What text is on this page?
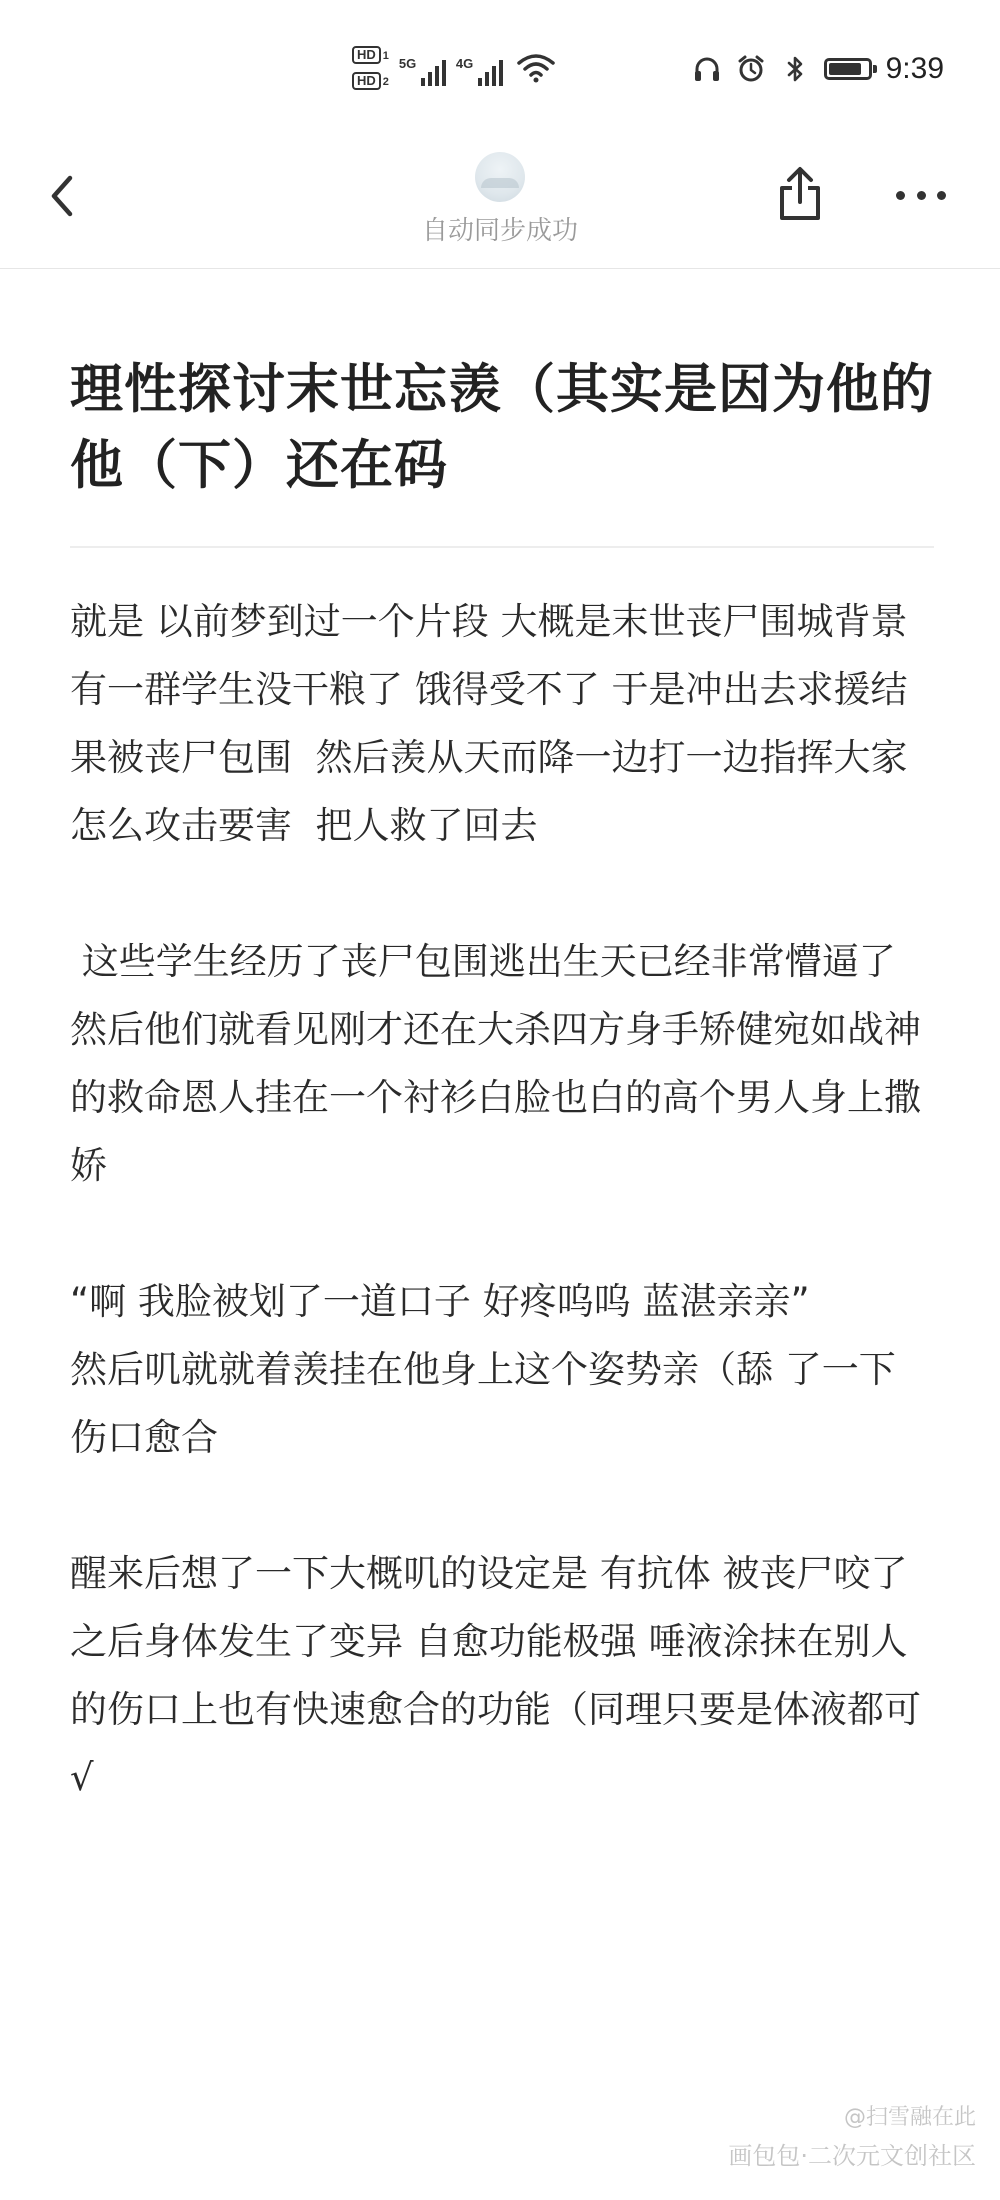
HD 1
HD 2
5G	4G	9:39
自动同步成功
理性探讨末世忘羡（其实是因为他的他（下）还在码

就是 以前梦到过一个片段 大概是末世丧尸围城背景  有一群学生没干粮了 饿得受不了 于是冲出去求援结果被丧尸包围  然后羡从天而降一边打一边指挥大家怎么攻击要害  把人救了回去

这些学生经历了丧尸包围逃出生天已经非常懵逼了  然后他们就看见刚才还在大杀四方身手矫健宛如战神的救命恩人挂在一个衬衫白脸也白的高个男人身上撒娇

“啊 我脸被划了一道口子 好疼呜呜 蓝湛亲亲”
然后叽就就着羡挂在他身上这个姿势亲（舔 了一下 伤口愈合

醒来后想了一下大概叽的设定是 有抗体 被丧尸咬了之后身体发生了变异 自愈功能极强 唾液涂抹在别人的伤口上也有快速愈合的功能（同理只要是体液都可√

@扫雪融在此
画包包·二次元文创社区
